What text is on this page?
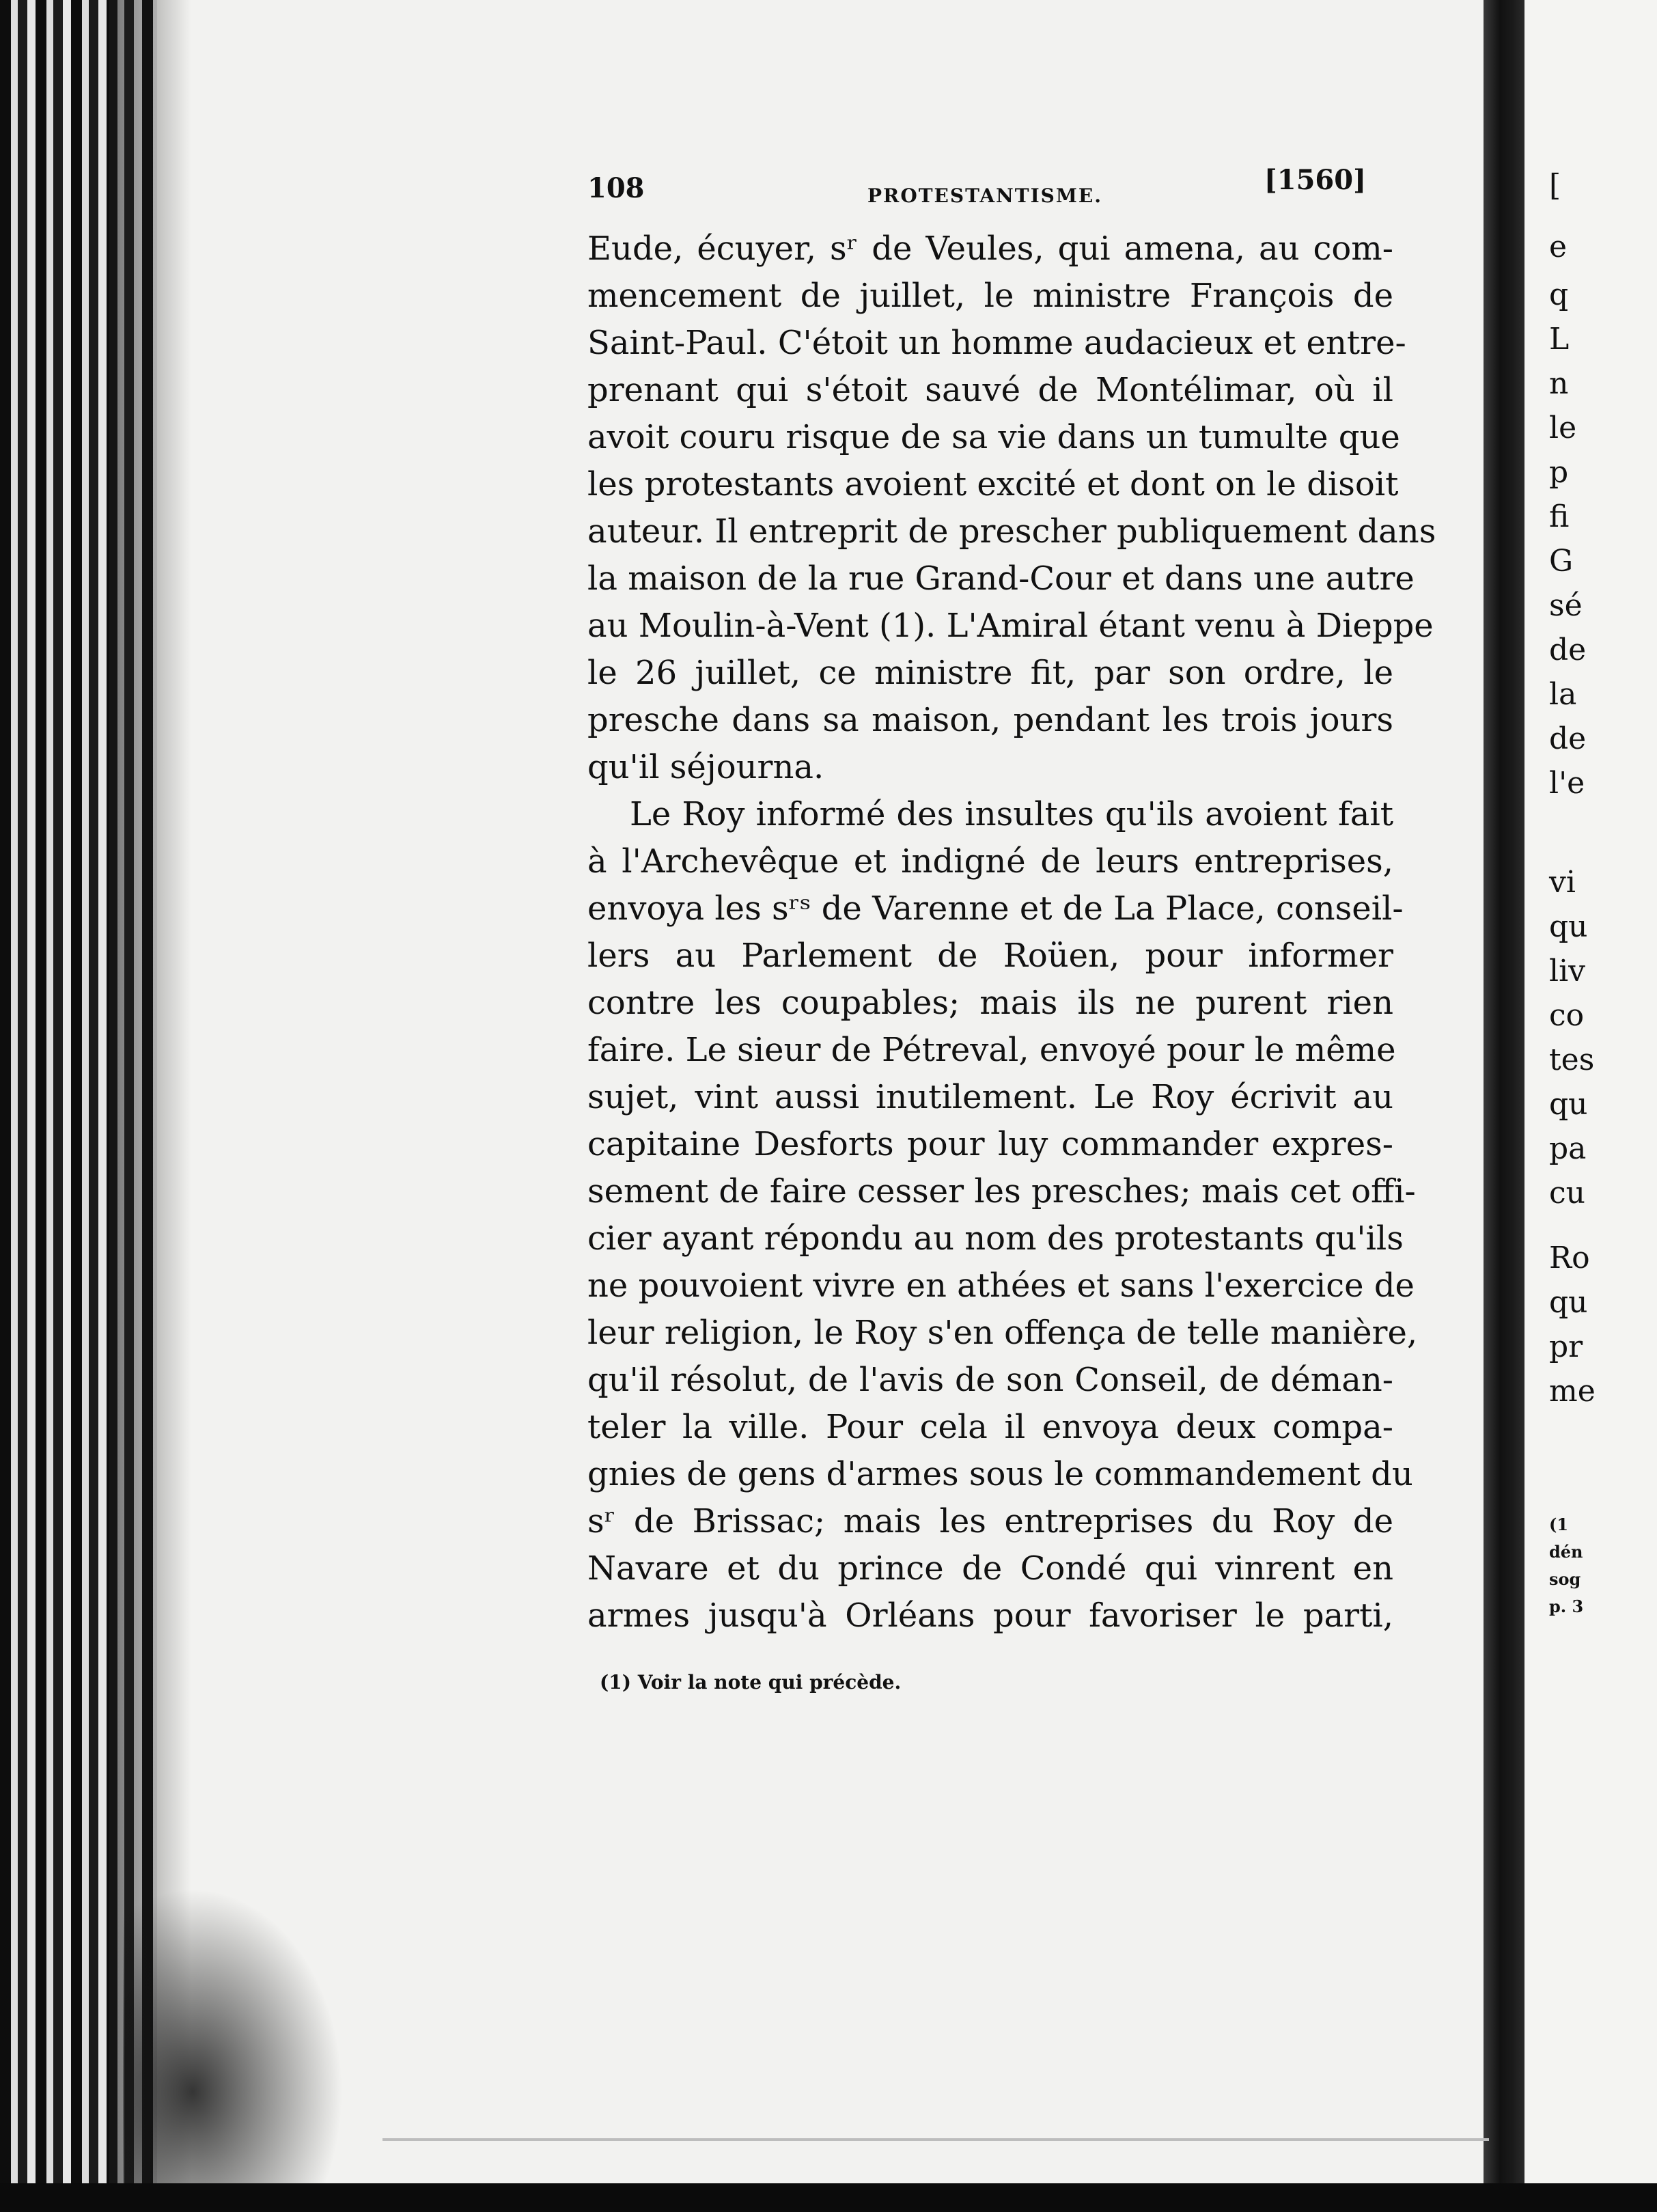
108	PROTESTANTISME.	[1560]
Eude, écuyer, sʳ de Veules, qui amena, au com-
mencement de juillet, le ministre François de
Saint-Paul. C'étoit un homme audacieux et entre-
prenant qui s'étoit sauvé de Montélimar, où il
avoit couru risque de sa vie dans un tumulte que
les protestants avoient excité et dont on le disoit
auteur. Il entreprit de prescher publiquement dans
la maison de la rue Grand-Cour et dans une autre
au Moulin-à-Vent (1). L'Amiral étant venu à Dieppe
le 26 juillet, ce ministre fit, par son ordre, le
presche dans sa maison, pendant les trois jours
qu'il séjourna.
Le Roy informé des insultes qu'ils avoient fait
à l'Archevêque et indigné de leurs entreprises,
envoya les sʳˢ de Varenne et de La Place, conseil-
lers au Parlement de Roüen, pour informer
contre les coupables; mais ils ne purent rien
faire. Le sieur de Pétreval, envoyé pour le même
sujet, vint aussi inutilement. Le Roy écrivit au
capitaine Desforts pour luy commander expres-
sement de faire cesser les presches; mais cet offi-
cier ayant répondu au nom des protestants qu'ils
ne pouvoient vivre en athées et sans l'exercice de
leur religion, le Roy s'en offença de telle manière,
qu'il résolut, de l'avis de son Conseil, de déman-
teler la ville. Pour cela il envoya deux compa-
gnies de gens d'armes sous le commandement du
sʳ de Brissac; mais les entreprises du Roy de
Navare et du prince de Condé qui vinrent en
armes jusqu'à Orléans pour favoriser le parti,
(1) Voir la note qui précède.
[
e
q
L
n
le
p
fi
G
sé
de
la
de
l'e
vi
qu
liv
co
tes
qu
pa
cu
Ro
qu
pr
me
(1
dén
sog
p. 3
